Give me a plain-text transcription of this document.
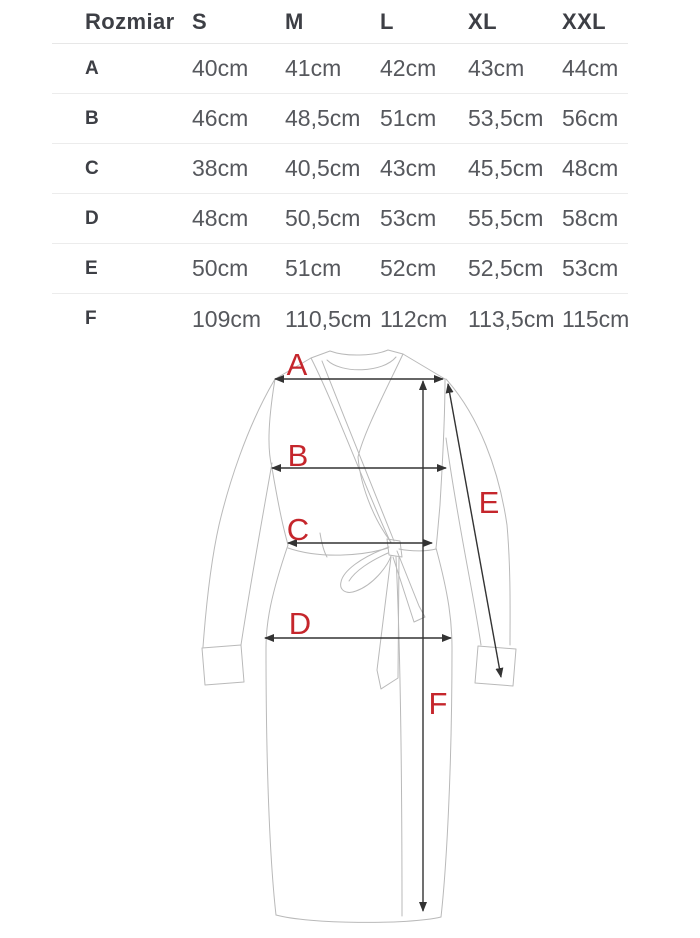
Rozmiar S	M	L	XL	XXL
A	40cm	41cm	42cm	43cm	44cm
B	46cm	48,5cm 51cm	53,5cm 56cm
C	38cm	40,5cm 43cm	45,5cm 48cm
D	48cm	50,5cm 53cm	55,5cm 58cm
E	50cm	51cm	52cm	52,5cm 53cm
F	109cm	110,5cm 112cm 113,5cm 115cm
A
B
C
D
E
F
